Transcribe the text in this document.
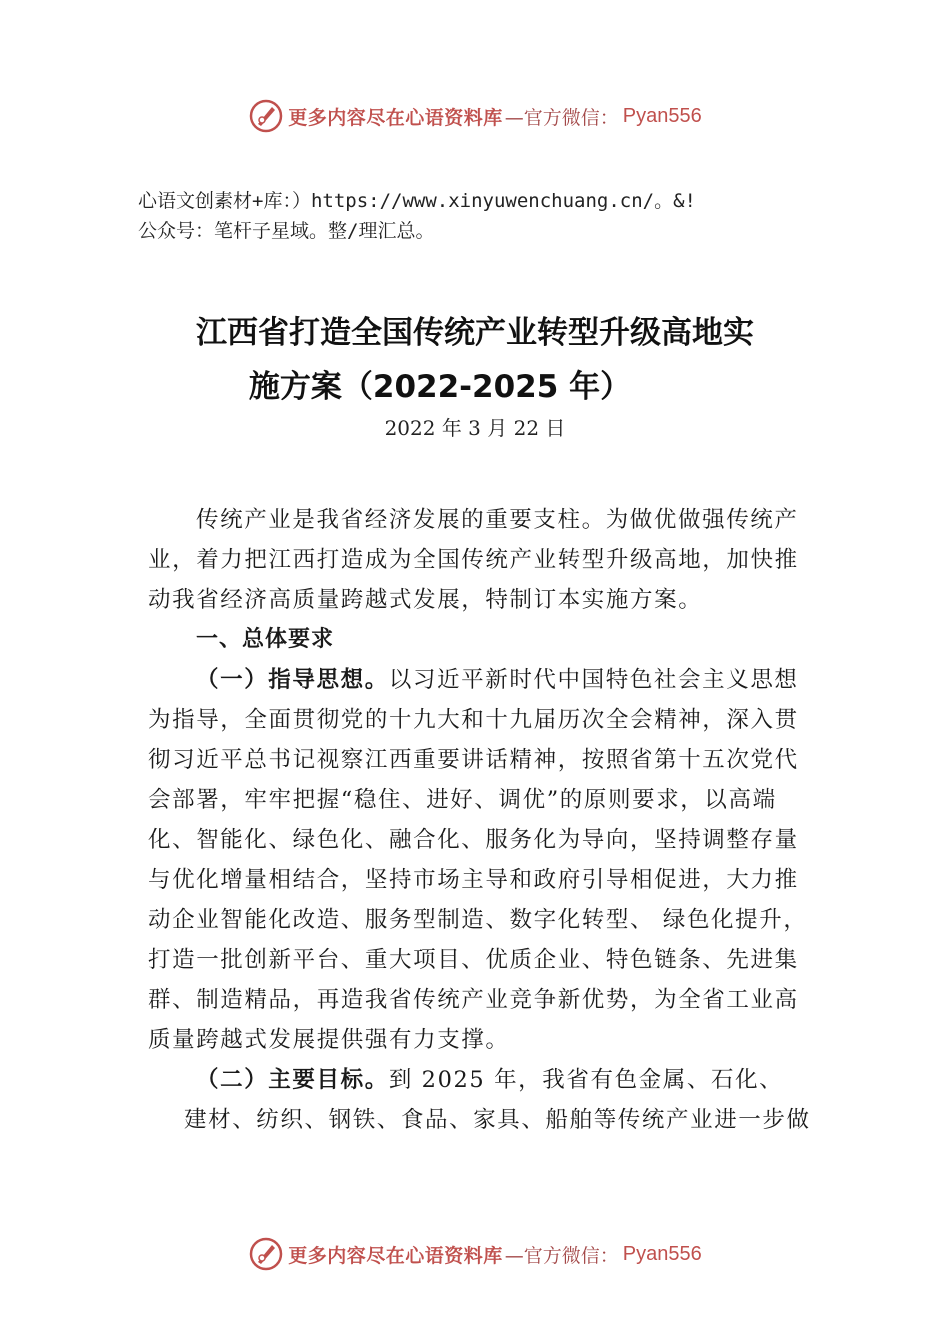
更多内容尽在心语资料库 —官方微信： Pyan556
心语文创素材+库：）https://www.xinyuwenchuang.cn/。&!
公众号：笔杆子星域。整/理汇总。
江西省打造全国传统产业转型升级高地实
施方案（2022-2025 年）
2022 年 3 月 22 日

传统产业是我省经济发展的重要支柱。为做优做强传统产业，着力把江西打造成为全国传统产业转型升级高地，加快推动我省经济高质量跨越式发展，特制订本实施方案。

一、总体要求

（一）指导思想。以习近平新时代中国特色社会主义思想为指导，全面贯彻党的十九大和十九届历次全会精神，深入贯彻习近平总书记视察江西重要讲话精神，按照省第十五次党代会部署，牢牢把握“稳住、进好、调优”的原则要求，以高端化、智能化、绿色化、融合化、服务化为导向，坚持调整存量与优化增量相结合，坚持市场主导和政府引导相促进，大力推动企业智能化改造、服务型制造、数字化转型、 绿色化提升，打造一批创新平台、重大项目、优质企业、特色链条、先进集群、制造精品，再造我省传统产业竞争新优势，为全省工业高质量跨越式发展提供强有力支撑。

（二）主要目标。到 2025 年，我省有色金属、石化、

建材、纺织、钢铁、食品、家具、船舶等传统产业进一步做

更多内容尽在心语资料库 —官方微信： Pyan556
